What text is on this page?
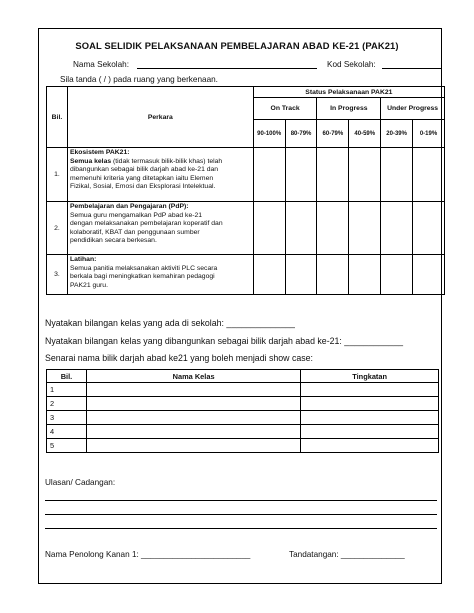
SOAL SELIDIK PELAKSANAAN PEMBELAJARAN ABAD KE-21 (PAK21)
Nama Sekolah:	Kod Sekolah:
Sila tanda ( / ) pada ruang yang berkenaan.
Bil.	Perkara	Status Pelaksanaan PAK21					
		On Track		In Progress		Under Progress	
		90-100%	80-79%	60-79%	40-59%	20-39%	0-19%
1.	Ekosistem PAK21:
Semua kelas (tidak termasuk bilik-bilik khas) telah
dibangunkan sebagai bilik darjah abad ke-21 dan
memenuhi kriteria yang ditetapkan iaitu Elemen
Fizikal, Sosial, Emosi dan Eksplorasi Intelektual.						

2.	Pembelajaran dan Pengajaran (PdP):
Semua guru mengamalkan PdP abad ke-21
dengan melaksanakan pembelajaran koperatif dan
kolaboratif, KBAT dan penggunaan sumber
pendidikan secara berkesan.						

3.	Latihan:
Semua panitia melaksanakan aktiviti PLC secara
berkala bagi meningkatkan kemahiran pedagogi
PAK21 guru.						

Nyatakan bilangan kelas yang ada di sekolah: ______________
Nyatakan bilangan kelas yang dibangunkan sebagai bilik darjah abad ke-21: ____________
Senarai nama bilik darjah abad ke21 yang boleh menjadi show case:
Bil.	Nama Kelas	Tingkatan
1		
2		
3		
4		
5		
Ulasan/ Cadangan:
Nama Penolong Kanan 1: ________________________	Tandatangan: ______________
